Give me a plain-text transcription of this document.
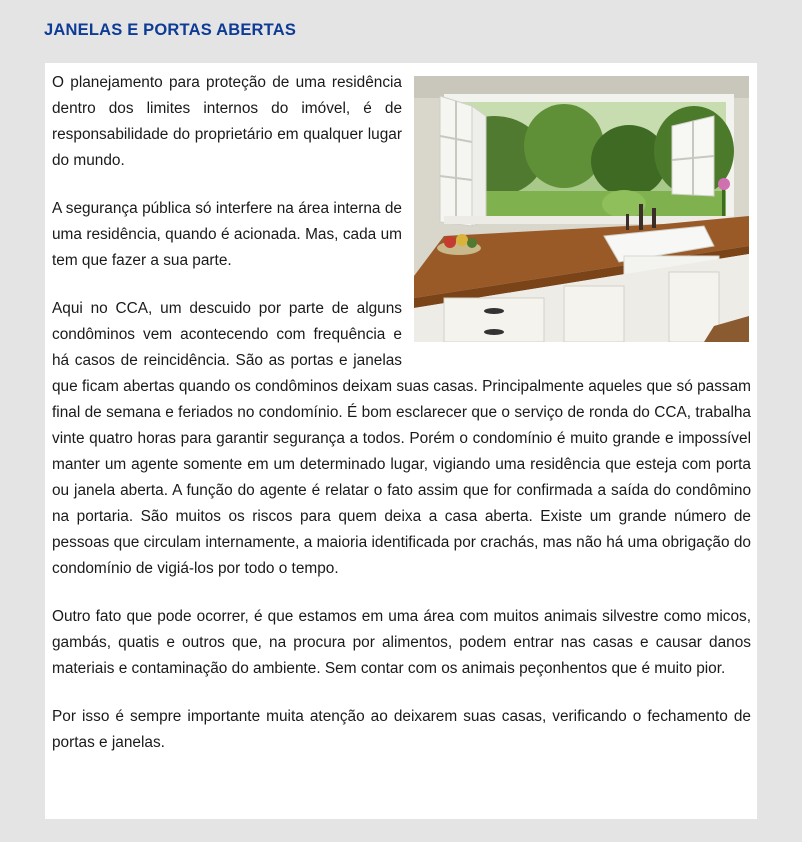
JANELAS E PORTAS ABERTAS

O planejamento para proteção de uma residência dentro dos limites internos do imóvel, é de responsabilidade do proprietário em qualquer lugar do mundo.

A segurança pública só interfere na área interna de uma residência, quando é acionada. Mas, cada um tem que fazer a sua parte.

Aqui no CCA, um descuido por parte de alguns condôminos vem acontecendo com frequência e há casos de reincidência. São as portas e janelas que ficam abertas quando os condôminos deixam suas casas. Principalmente aqueles que só passam final de semana e feriados no condomínio. É bom esclarecer que o serviço de ronda do CCA, trabalha vinte quatro horas para garantir segurança a todos. Porém o condomínio é muito grande e impossível manter um agente somente em um determinado lugar, vigiando uma residência que esteja com porta ou janela aberta. A função do agente é relatar o fato assim que for confirmada a saída do condômino na portaria. São muitos os riscos para quem deixa a casa aberta. Existe um grande número de pessoas que circulam internamente, a maioria identificada por crachás, mas não há uma obrigação do condomínio de vigiá-los por todo o tempo.

Outro fato que pode ocorrer, é que estamos em uma área com muitos animais silvestre como micos, gambás, quatis e outros que, na procura por alimentos, podem entrar nas casas e causar danos materiais e contaminação do ambiente. Sem contar com os animais peçonhentos que é muito pior.

Por isso é sempre importante muita atenção ao deixarem suas casas, verificando o fechamento de portas e janelas.
